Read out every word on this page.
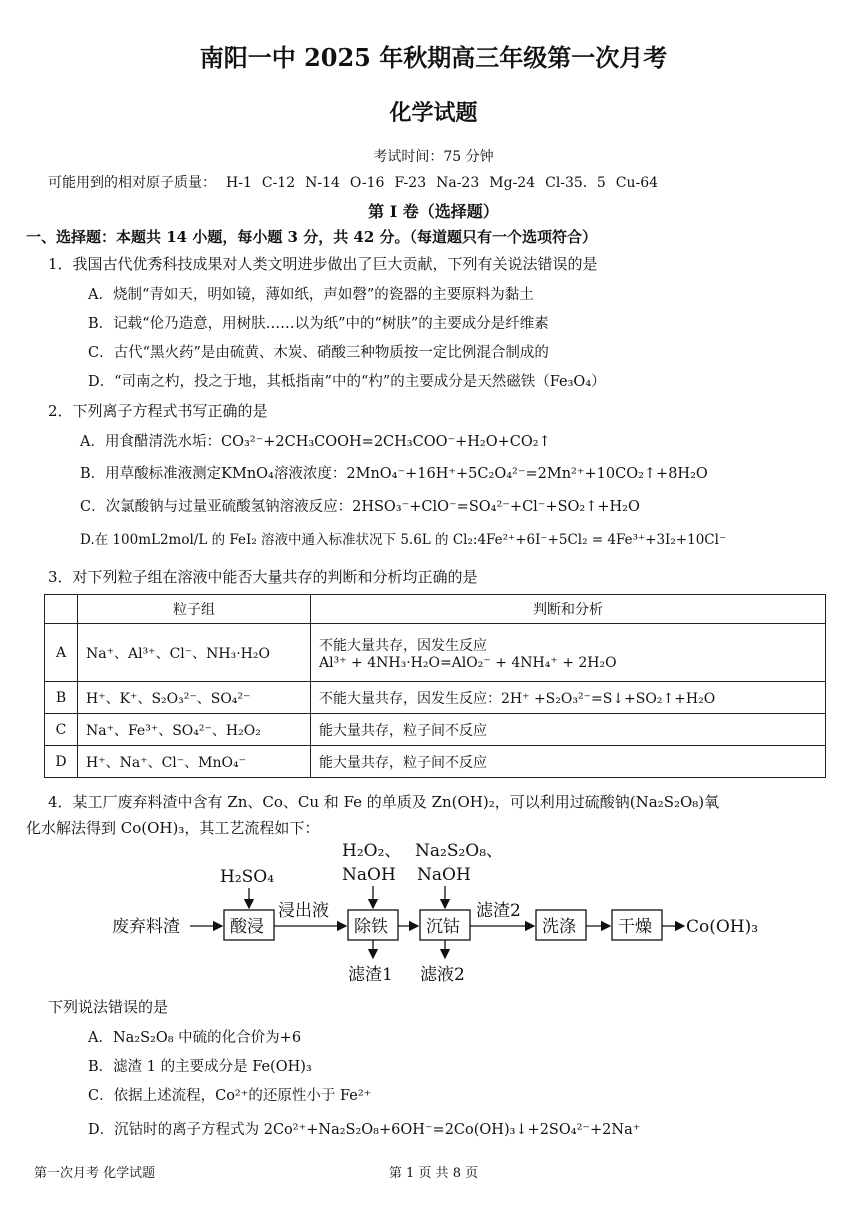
南阳一中 2025 年秋期高三年级第一次月考
化学试题
考试时间：75 分钟
可能用到的相对原子质量： H-1 C-12 N-14 O-16 F-23 Na-23 Mg-24 Cl-35．5 Cu-64
第 I 卷（选择题）
一、选择题：本题共 14 小题，每小题 3 分，共 42 分。（每道题只有一个选项符合）
1．我国古代优秀科技成果对人类文明进步做出了巨大贡献，下列有关说法错误的是
A．烧制“青如天，明如镜，薄如纸，声如磬”的瓷器的主要原料为黏土
B．记载“伦乃造意，用树肤……以为纸”中的“树肤”的主要成分是纤维素
C．古代“黑火药”是由硫黄、木炭、硝酸三种物质按一定比例混合制成的
D．“司南之杓，投之于地，其柢指南”中的“杓”的主要成分是天然磁铁（Fe₃O₄）
2．下列离子方程式书写正确的是
A．用食醋清洗水垢：CO₃²⁻+2CH₃COOH=2CH₃COO⁻+H₂O+CO₂↑
B．用草酸标准液测定KMnO₄溶液浓度：2MnO₄⁻+16H⁺+5C₂O₄²⁻=2Mn²⁺+10CO₂↑+8H₂O
C．次氯酸钠与过量亚硫酸氢钠溶液反应：2HSO₃⁻+ClO⁻=SO₄²⁻+Cl⁻+SO₂↑+H₂O
D.在 100mL2mol/L 的 FeI₂ 溶液中通入标准状况下 5.6L 的 Cl₂:4Fe²⁺+6I⁻+5Cl₂ = 4Fe³⁺+3I₂+10Cl⁻
3．对下列粒子组在溶液中能否大量共存的判断和分析均正确的是
	粒子组	判断和分析
A	Na⁺、Al³⁺、Cl⁻、NH₃·H₂O	不能大量共存，因发生反应
Al³⁺ + 4NH₃·H₂O=AlO₂⁻ + 4NH₄⁺ + 2H₂O

B	H⁺、K⁺、S₂O₃²⁻、SO₄²⁻	不能大量共存，因发生反应：2H⁺ +S₂O₃²⁻=S↓+SO₂↑+H₂O
C	Na⁺、Fe³⁺、SO₄²⁻、H₂O₂	能大量共存，粒子间不反应
D	H⁺、Na⁺、Cl⁻、MnO₄⁻	能大量共存，粒子间不反应
4．某工厂废弃料渣中含有 Zn、Co、Cu 和 Fe 的单质及 Zn(OH)₂，可以利用过硫酸钠(Na₂S₂O₈)氧
化水解法得到 Co(OH)₃，其工艺流程如下：
废弃料渣	酸浸
H₂SO₄
浸出液
除铁
H₂O₂、
NaOH
滤渣1
沉钴
Na₂S₂O₈、
NaOH
滤液2
滤渣2
洗涤 干燥 Co(OH)₃
下列说法错误的是
A．Na₂S₂O₈ 中硫的化合价为+6
B．滤渣 1 的主要成分是 Fe(OH)₃
C．依据上述流程，Co²⁺的还原性小于 Fe²⁺
D．沉钴时的离子方程式为 2Co²⁺+Na₂S₂O₈+6OH⁻=2Co(OH)₃↓+2SO₄²⁻+2Na⁺
第一次月考 化学试题	第 1 页 共 8 页
